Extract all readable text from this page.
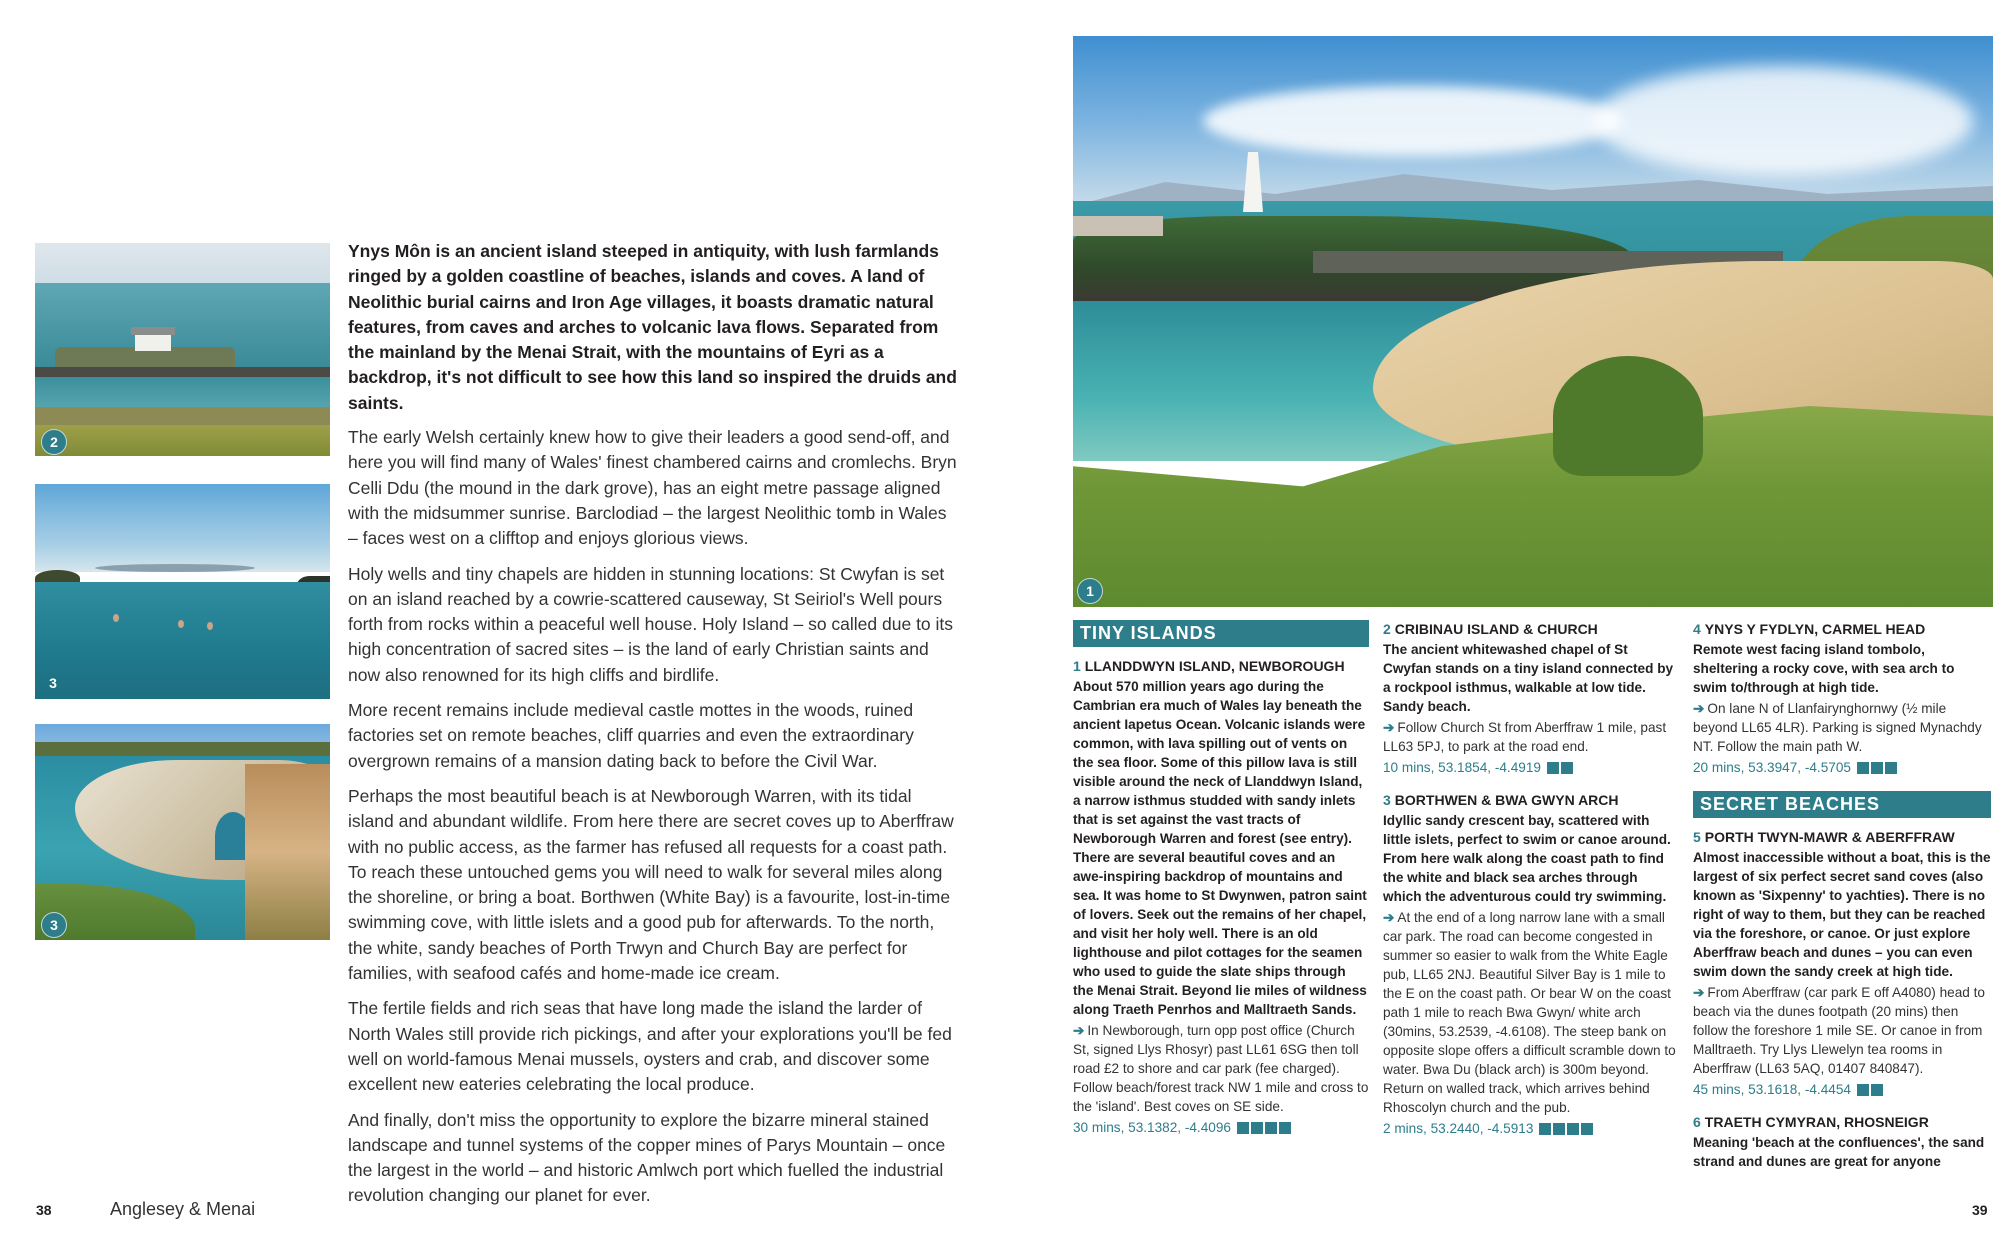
2
3
3

Ynys Môn is an ancient island steeped in antiquity, with lush farmlands ringed by a golden coastline of beaches, islands and coves. A land of Neolithic burial cairns and Iron Age villages, it boasts dramatic natural features, from caves and arches to volcanic lava flows. Separated from the mainland by the Menai Strait, with the mountains of Eyri as a backdrop, it's not difficult to see how this land so inspired the druids and saints.

The early Welsh certainly knew how to give their leaders a good send-off, and here you will find many of Wales' finest chambered cairns and cromlechs. Bryn Celli Ddu (the mound in the dark grove), has an eight metre passage aligned with the midsummer sunrise. Barclodiad – the largest Neolithic tomb in Wales – faces west on a clifftop and enjoys glorious views.

Holy wells and tiny chapels are hidden in stunning locations: St Cwyfan is set on an island reached by a cowrie-scattered causeway, St Seiriol's Well pours forth from rocks within a peaceful well house. Holy Island – so called due to its high concentration of sacred sites – is the land of early Christian saints and now also renowned for its high cliffs and birdlife.

More recent remains include medieval castle mottes in the woods, ruined factories set on remote beaches, cliff quarries and even the extraordinary overgrown remains of a mansion dating back to before the Civil War.

Perhaps the most beautiful beach is at Newborough Warren, with its tidal island and abundant wildlife. From here there are secret coves up to Aberffraw with no public access, as the farmer has refused all requests for a coast path. To reach these untouched gems you will need to walk for several miles along the shoreline, or bring a boat. Borthwen (White Bay) is a favourite, lost-in-time swimming cove, with little islets and a good pub for afterwards. To the north, the white, sandy beaches of Porth Trwyn and Church Bay are perfect for families, with seafood cafés and home-made ice cream.

The fertile fields and rich seas that have long made the island the larder of North Wales still provide rich pickings, and after your explorations you'll be fed well on world-famous Menai mussels, oysters and crab, and discover some excellent new eateries celebrating the local produce.

And finally, don't miss the opportunity to explore the bizarre mineral stained landscape and tunnel systems of the copper mines of Parys Mountain – once the largest in the world – and historic Amlwch port which fuelled the industrial revolution changing our planet for ever.

38	Anglesey & Menai
1
TINY ISLANDS

1 LLANDDWYN ISLAND, NEWBOROUGH

About 570 million years ago during the Cambrian era much of Wales lay beneath the ancient Iapetus Ocean. Volcanic islands were common, with lava spilling out of vents on the sea floor. Some of this pillow lava is still visible around the neck of Llanddwyn Island, a narrow isthmus studded with sandy inlets that is set against the vast tracts of Newborough Warren and forest (see entry). There are several beautiful coves and an awe-inspiring backdrop of mountains and sea. It was home to St Dwynwen, patron saint of lovers. Seek out the remains of her chapel, and visit her holy well. There is an old lighthouse and pilot cottages for the seamen who used to guide the slate ships through the Menai Strait. Beyond lie miles of wildness along Traeth Penrhos and Malltraeth Sands.

➔ In Newborough, turn opp post office (Church St, signed Llys Rhosyr) past LL61 6SG then toll road £2 to shore and car park (fee charged). Follow beach/forest track NW 1 mile and cross to the 'island'. Best coves on SE side.

30 mins, 53.1382, -4.4096

2 CRIBINAU ISLAND & CHURCH

The ancient whitewashed chapel of St Cwyfan stands on a tiny island connected by a rockpool isthmus, walkable at low tide. Sandy beach.

➔ Follow Church St from Aberffraw 1 mile, past LL63 5PJ, to park at the road end.

10 mins, 53.1854, -4.4919

3 BORTHWEN & BWA GWYN ARCH

Idyllic sandy crescent bay, scattered with little islets, perfect to swim or canoe around. From here walk along the coast path to find the white and black sea arches through which the adventurous could try swimming.

➔ At the end of a long narrow lane with a small car park. The road can become congested in summer so easier to walk from the White Eagle pub, LL65 2NJ. Beautiful Silver Bay is 1 mile to the E on the coast path. Or bear W on the coast path 1 mile to reach Bwa Gwyn/ white arch (30mins, 53.2539, -4.6108). The steep bank on opposite slope offers a difficult scramble down to water. Bwa Du (black arch) is 300m beyond. Return on walled track, which arrives behind Rhoscolyn church and the pub.

2 mins, 53.2440, -4.5913

4 YNYS Y FYDLYN, CARMEL HEAD

Remote west facing island tombolo, sheltering a rocky cove, with sea arch to swim to/through at high tide.

➔ On lane N of Llanfairynghornwy (½ mile beyond LL65 4LR). Parking is signed Mynachdy NT. Follow the main path W.

20 mins, 53.3947, -4.5705

SECRET BEACHES

5 PORTH TWYN-MAWR & ABERFFRAW

Almost inaccessible without a boat, this is the largest of six perfect secret sand coves (also known as 'Sixpenny' to yachties). There is no right of way to them, but they can be reached via the foreshore, or canoe. Or just explore Aberffraw beach and dunes – you can even swim down the sandy creek at high tide.

➔ From Aberffraw (car park E off A4080) head to beach via the dunes footpath (20 mins) then follow the foreshore 1 mile SE. Or canoe in from Malltraeth. Try Llys Llewelyn tea rooms in Aberffraw (LL63 5AQ, 01407 840847).

45 mins, 53.1618, -4.4454

6 TRAETH CYMYRAN, RHOSNEIGR

Meaning 'beach at the confluences', the sand strand and dunes are great for anyone

39
